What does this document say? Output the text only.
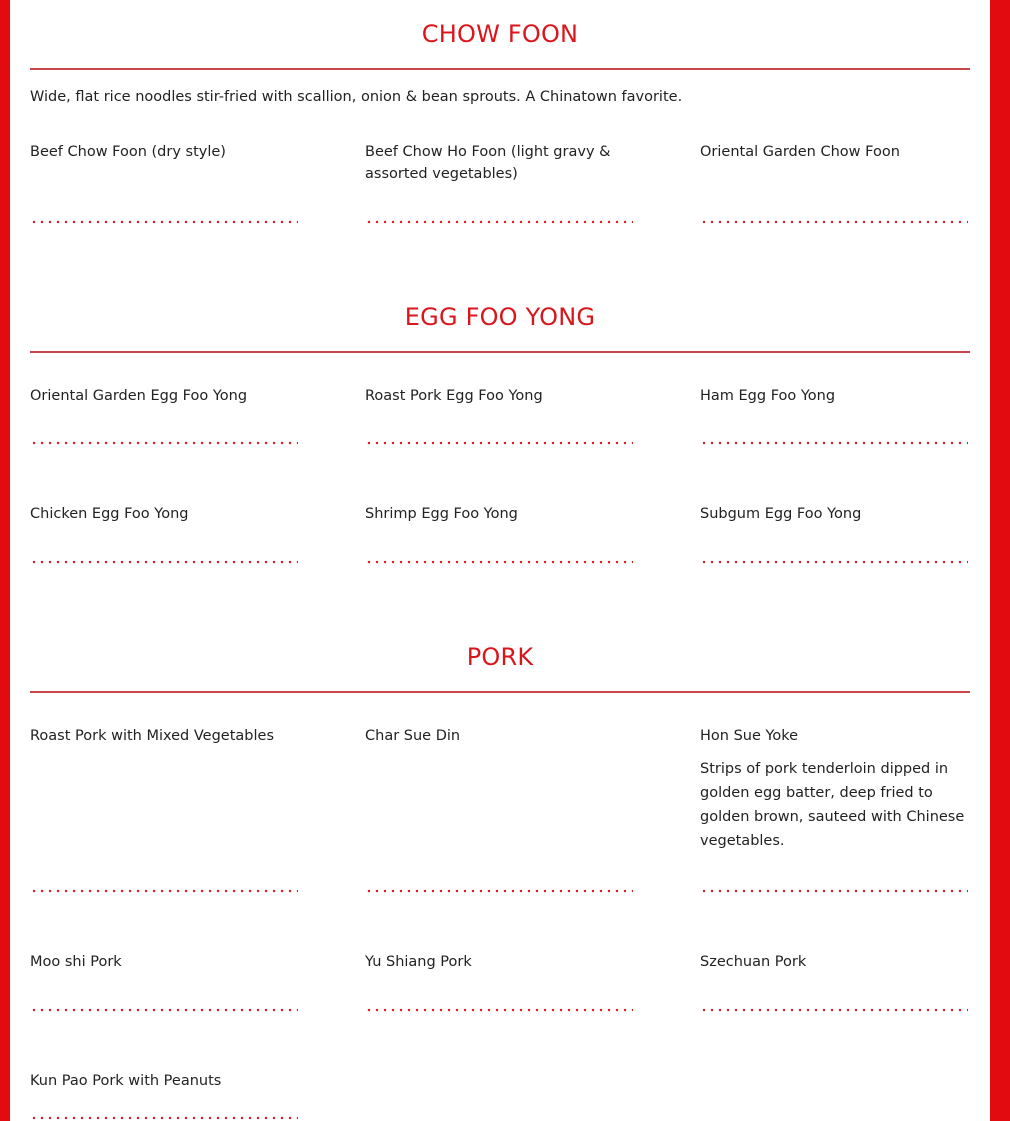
CHOW FOON
Wide, flat rice noodles stir-fried with scallion, onion & bean sprouts. A Chinatown favorite.
Beef Chow Foon (dry style)	Beef Chow Ho Foon (light gravy & assorted vegetables)
Oriental Garden Chow Foon
EGG FOO YONG
Oriental Garden Egg Foo Yong	Roast Pork Egg Foo Yong	Ham Egg Foo Yong
Chicken Egg Foo Yong	Shrimp Egg Foo Yong	Subgum Egg Foo Yong
PORK
Roast Pork with Mixed Vegetables	Char Sue Din	Hon Sue Yoke
Strips of pork tenderloin dipped in golden egg batter, deep fried to golden brown, sauteed with Chinese vegetables.
Moo shi Pork	Yu Shiang Pork	Szechuan Pork
Kun Pao Pork with Peanuts
